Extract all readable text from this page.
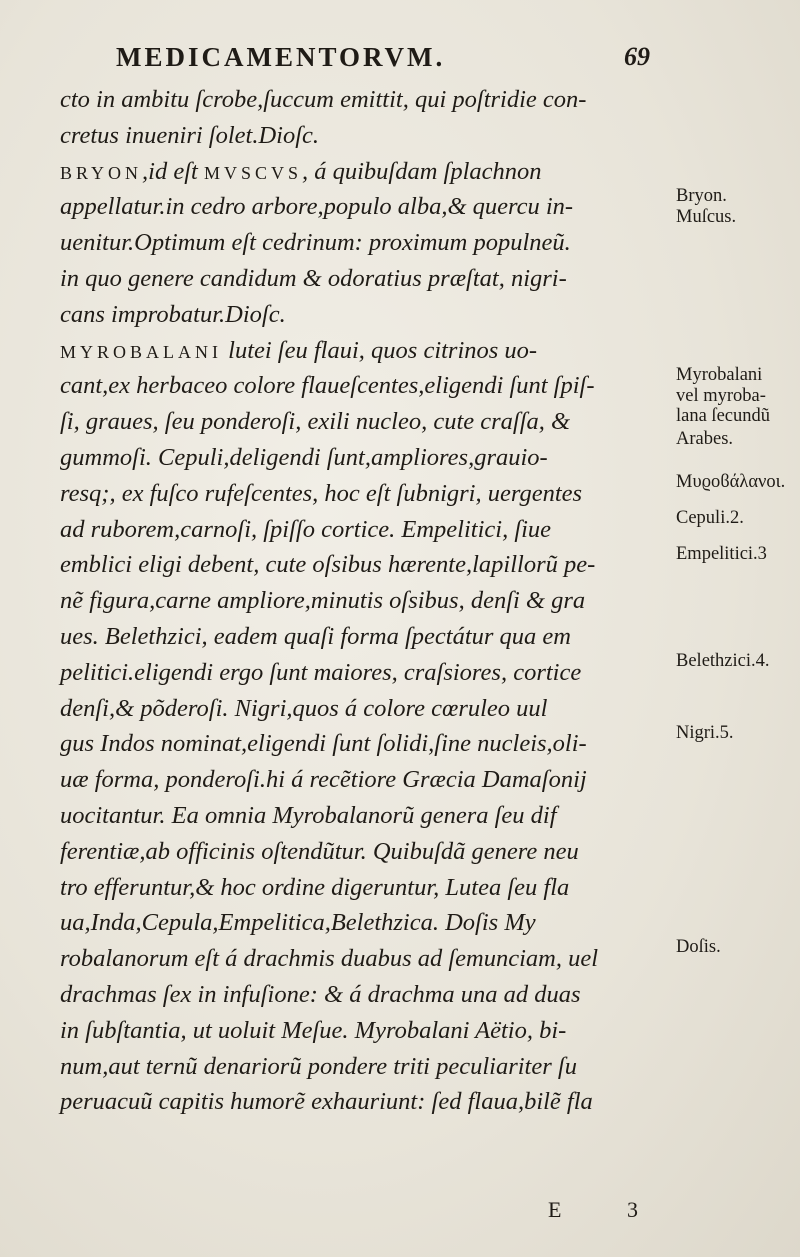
MEDICAMENTORVM.	69
cto in ambitu ſcrobe,ſuccum emittit, qui poſtridie con-
cretus inueniri ſolet.Dioſc.
BRYON,id eſt MVSCVS, á quibuſdam ſplachnon
appellatur.in cedro arbore,populo alba,& quercu in-
uenitur.Optimum eſt cedrinum: proximum populneũ.
in quo genere candidum & odoratius præſtat, nigri-
cans improbatur.Dioſc.
MYROBALANI lutei ſeu flaui, quos citrinos uo-
cant,ex herbaceo colore flaueſcentes,eligendi ſunt ſpiſ-
ſi, graues, ſeu ponderoſi, exili nucleo, cute craſſa, &
gummoſi. Cepuli,deligendi ſunt,ampliores,grauio-
resq;, ex fuſco rufeſcentes, hoc eſt ſubnigri, uergentes
ad ruborem,carnoſi, ſpiſſo cortice. Empelitici, ſiue
emblici eligi debent, cute oſsibus hærente,lapillorũ pe-
nẽ figura,carne ampliore,minutis oſsibus, denſi & gra
ues. Belethzici, eadem quaſi forma ſpectátur qua em
pelitici.eligendi ergo ſunt maiores, craſsiores, cortice
denſi,& põderoſi. Nigri,quos á colore cœruleo uul
gus Indos nominat,eligendi ſunt ſolidi,ſine nucleis,oli-
uæ forma, ponderoſi.hi á recẽtiore Græcia Damaſonij
uocitantur. Ea omnia Myrobalanorũ genera ſeu dif
ferentiæ,ab officinis oſtendũtur. Quibuſdã genere neu
tro efferuntur,& hoc ordine digeruntur, Lutea ſeu fla
ua,Inda,Cepula,Empelitica,Belethzica. Doſis My
robalanorum eſt á drachmis duabus ad ſemunciam, uel
drachmas ſex in infuſione: & á drachma una ad duas
in ſubſtantia, ut uoluit Meſue. Myrobalani Aëtio, bi-
num,aut ternũ denariorũ pondere triti peculiariter ſu
peruacuũ capitis humorẽ exhauriunt: ſed flaua,bilẽ fla
Bryon.
Muſcus.
Myrobalani
vel myroba-
lana ſecundũ
Arabes.
Μυϱοϐάλανοι.
Cepuli.2.
Empelitici.3
Belethzici.4.
Nigri.5.
Doſis.
E 3
